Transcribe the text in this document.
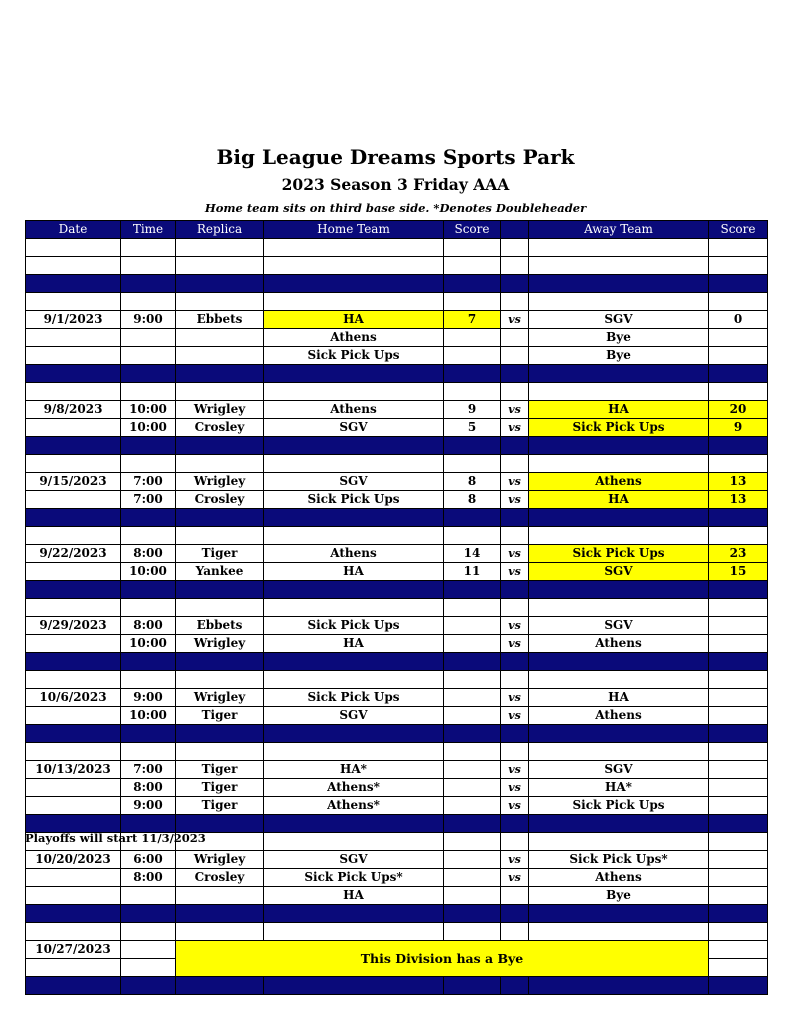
Big League Dreams Sports Park
2023 Season 3 Friday AAA
Home team sits on third base side. *Denotes Doubleheader
Date	Time	Replica	Home Team	Score		Away Team	Score

9/1/2023	9:00	Ebbets	HA	7	vs	SGV	0
			Athens			Bye	
			Sick Pick Ups			Bye	

9/8/2023	10:00	Wrigley	Athens	9	vs	HA	20
	10:00	Crosley	SGV	5	vs	Sick Pick Ups	9

9/15/2023	7:00	Wrigley	SGV	8	vs	Athens	13
	7:00	Crosley	Sick Pick Ups	8	vs	HA	13

9/22/2023	8:00	Tiger	Athens	14	vs	Sick Pick Ups	23
	10:00	Yankee	HA	11	vs	SGV	15

9/29/2023	8:00	Ebbets	Sick Pick Ups		vs	SGV	
	10:00	Wrigley	HA		vs	Athens	

10/6/2023	9:00	Wrigley	Sick Pick Ups		vs	HA	
	10:00	Tiger	SGV		vs	Athens	

10/13/2023	7:00	Tiger	HA*		vs	SGV	
	8:00	Tiger	Athens*		vs	HA*	
	9:00	Tiger	Athens*		vs	Sick Pick Ups	

10/20/2023	6:00	Wrigley	SGV		vs	Sick Pick Ups*	
	8:00	Crosley	Sick Pick Ups*		vs	Athens	
			HA			Bye	

10/27/2023		This Division has a Bye					

Playoffs will start 11/3/2023
